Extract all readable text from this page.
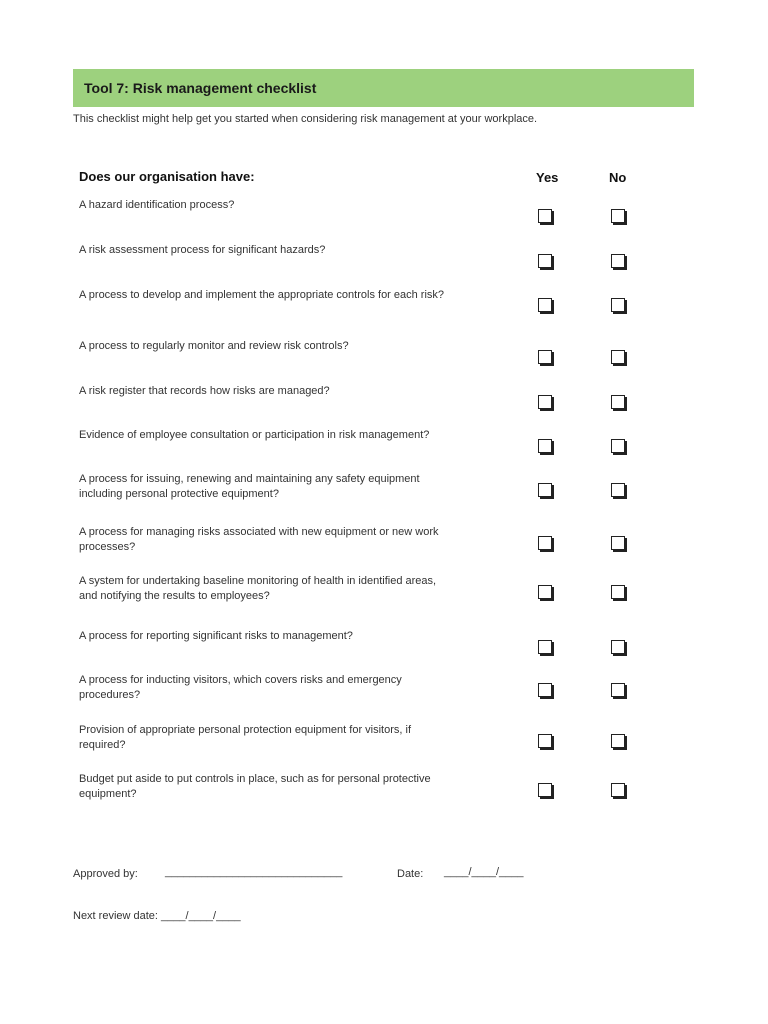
Tool 7: Risk management checklist
This checklist might help get you started when considering risk management at your workplace.
Does our organisation have:	Yes	No
A hazard identification process?
A risk assessment process for significant hazards?
A process to develop and implement the appropriate controls for each risk?
A process to regularly monitor and review risk controls?
A risk register that records how risks are managed?
Evidence of employee consultation or participation in risk management?
A process for issuing, renewing and maintaining any safety equipment
including personal protective equipment?
A process for managing risks associated with new equipment or new work
processes?
A system for undertaking baseline monitoring of health in identified areas,
and notifying the results to employees?
A process for reporting significant risks to management?
A process for inducting visitors, which covers risks and emergency
procedures?
Provision of appropriate personal protection equipment for visitors, if
required?
Budget put aside to put controls in place, such as for personal protective
equipment?
Approved by: _____________________________	Date: ____/____/____
Next review date: ____/____/____
